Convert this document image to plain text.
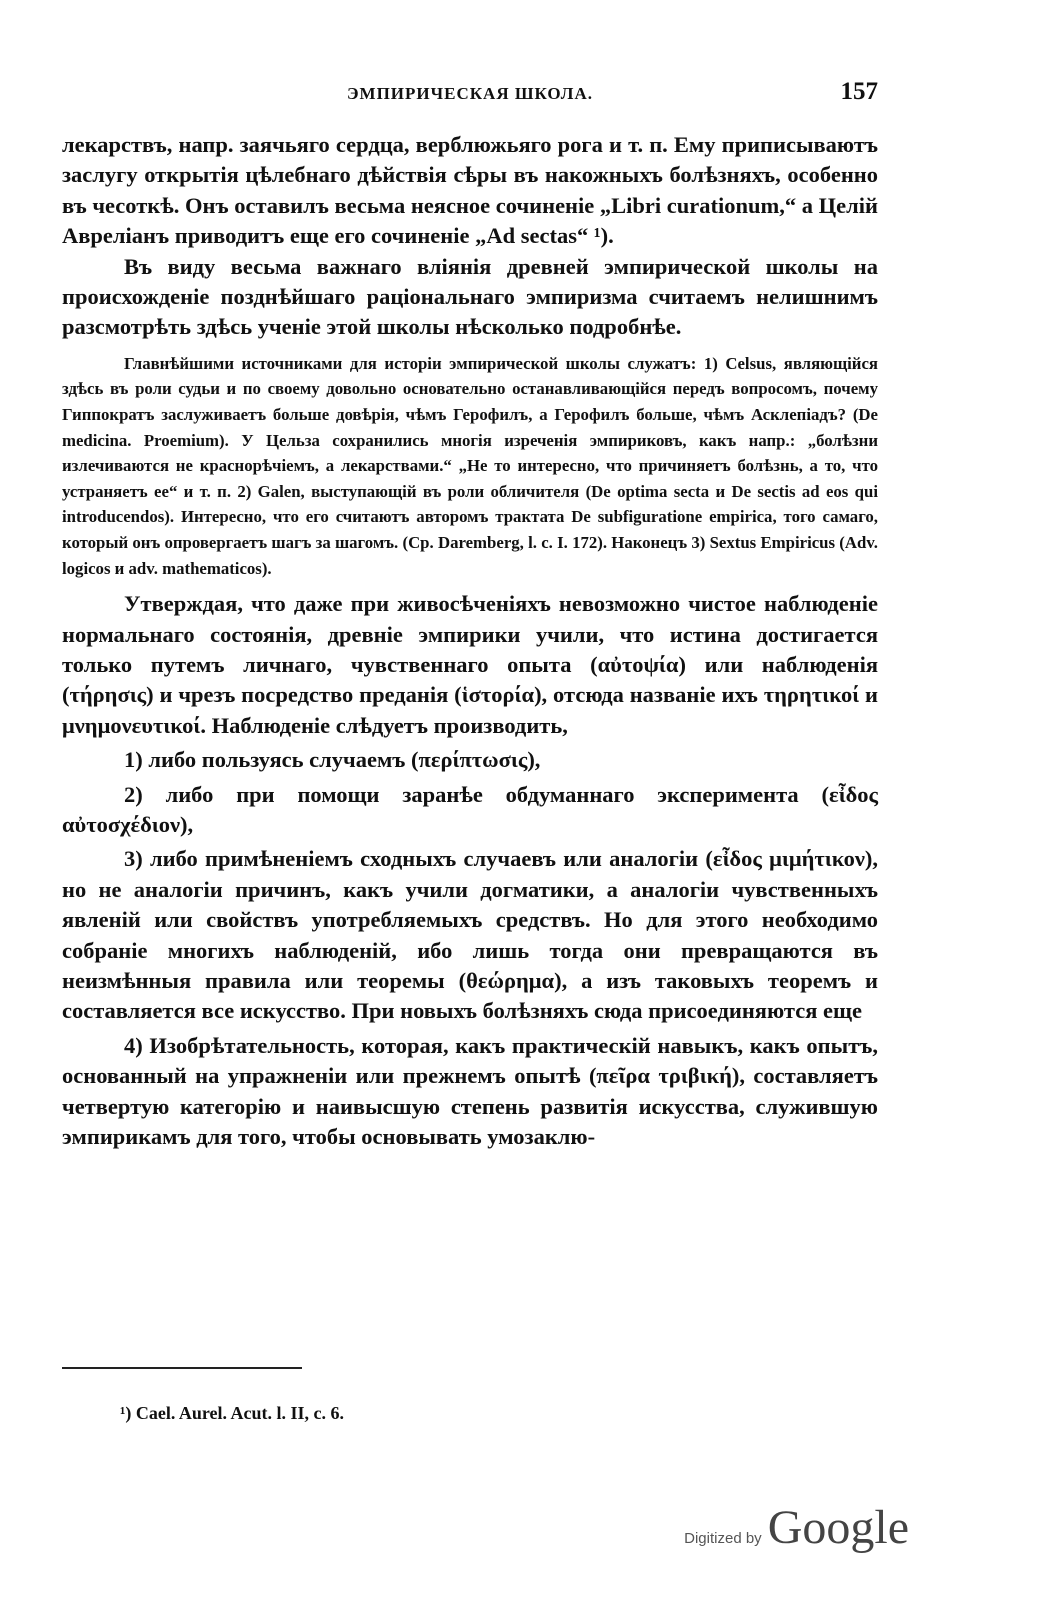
ЭМПИРИЧЕСКАЯ ШКОЛА.	157

лекарствъ, напр. заячьяго сердца, верблюжьяго рога и т. п. Ему приписываютъ заслугу открытія цѣлебнаго дѣйствія сѣры въ накожныхъ болѣзняхъ, особенно въ чесоткѣ. Онъ оставилъ весьма неясное сочиненіе „Libri curationum,“ а Целій Авреліанъ приводитъ еще его сочиненіе „Ad sectas“ ¹).

Въ виду весьма важнаго вліянія древней эмпирической школы на происхожденіе позднѣйшаго раціональнаго эмпиризма считаемъ нелишнимъ разсмотрѣть здѣсь ученіе этой школы нѣсколько подробнѣе.

Главнѣйшими источниками для исторіи эмпирической школы служатъ: 1) Celsus, являющійся здѣсь въ роли судьи и по своему довольно основательно останавливающійся передъ вопросомъ, почему Гиппократъ заслуживаетъ больше довѣрія, чѣмъ Герофилъ, а Герофилъ больше, чѣмъ Асклепіадъ? (De medicina. Proemium). У Цельза сохранились многія изреченія эмпириковъ, какъ напр.: „болѣзни излечиваются не краснорѣчіемъ, а лекарствами.“ „Не то интересно, что причиняетъ болѣзнь, а то, что устраняетъ ее“ и т. п. 2) Galen, выступающій въ роли обличителя (De optima secta и De sectis ad eos qui introducendos). Интересно, что его считаютъ авторомъ трактата De subfiguratione empirica, того самаго, который онъ опровергаетъ шагъ за шагомъ. (Ср. Daremberg, l. c. I. 172). Наконецъ 3) Sextus Empiricus (Adv. logicos и adv. mathematicos).

Утверждая, что даже при живосѣченіяхъ невозможно чистое наблюденіе нормальнаго состоянія, древніе эмпирики учили, что истина достигается только путемъ личнаго, чувственнаго опыта (αὐτοψία) или наблюденія (τήρησις) и чрезъ посредство преданія (ἱστορία), отсюда названіе ихъ τηρητικοί и μνημονευτικοί. Наблюденіе слѣдуетъ производить,

1) либо пользуясь случаемъ (περίπτωσις),

2) либо при помощи заранѣе обдуманнаго эксперимента (εἶδος αὐτοσχέδιον),

3) либо примѣненіемъ сходныхъ случаевъ или аналогіи (εἶδος μιμήτικον), но не аналогіи причинъ, какъ учили догматики, а аналогіи чувственныхъ явленій или свойствъ употребляемыхъ средствъ. Но для этого необходимо собраніе многихъ наблюденій, ибо лишь тогда они превращаются въ неизмѣнныя правила или теоремы (θεώρημα), а изъ таковыхъ теоремъ и составляется все искусство. При новыхъ болѣзняхъ сюда присоединяются еще

4) Изобрѣтательность, которая, какъ практическій навыкъ, какъ опытъ, основанный на упражненіи или прежнемъ опытѣ (πεῖρα τριβική), составляетъ четвертую категорію и наивысшую степень развитія искусства, служившую эмпирикамъ для того, чтобы основывать умозаклю-

¹) Cael. Aurel. Acut. l. II, c. 6.
Digitized by Google
